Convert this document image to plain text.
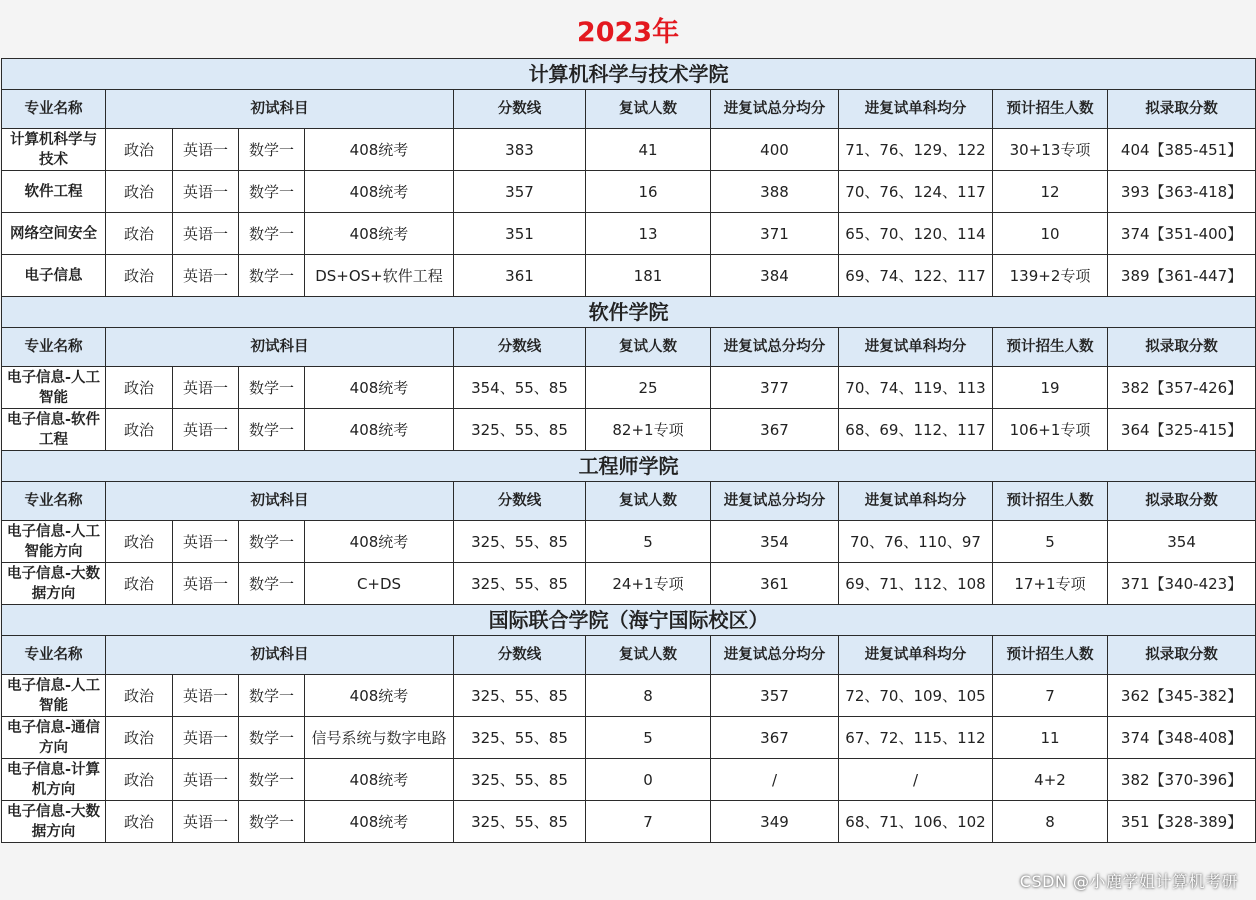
2023年
计算机科学与技术学院										
专业名称	初试科目				分数线	复试人数	进复试总分均分	进复试单科均分	预计招生人数	拟录取分数
计算机科学与技术	政治	英语一	数学一	408统考	383	41	400	71、76、129、122	30+13专项	404【385-451】
软件工程	政治	英语一	数学一	408统考	357	16	388	70、76、124、117	12	393【363-418】
网络空间安全	政治	英语一	数学一	408统考	351	13	371	65、70、120、114	10	374【351-400】
电子信息	政治	英语一	数学一	DS+OS+软件工程	361	181	384	69、74、122、117	139+2专项	389【361-447】
软件学院										
专业名称	初试科目				分数线	复试人数	进复试总分均分	进复试单科均分	预计招生人数	拟录取分数
电子信息-人工智能	政治	英语一	数学一	408统考	354、55、85	25	377	70、74、119、113	19	382【357-426】
电子信息-软件工程	政治	英语一	数学一	408统考	325、55、85	82+1专项	367	68、69、112、117	106+1专项	364【325-415】
工程师学院										
专业名称	初试科目				分数线	复试人数	进复试总分均分	进复试单科均分	预计招生人数	拟录取分数
电子信息-人工智能方向	政治	英语一	数学一	408统考	325、55、85	5	354	70、76、110、97	5	354
电子信息-大数据方向	政治	英语一	数学一	C+DS	325、55、85	24+1专项	361	69、71、112、108	17+1专项	371【340-423】
国际联合学院（海宁国际校区）										
专业名称	初试科目				分数线	复试人数	进复试总分均分	进复试单科均分	预计招生人数	拟录取分数
电子信息-人工智能	政治	英语一	数学一	408统考	325、55、85	8	357	72、70、109、105	7	362【345-382】
电子信息-通信方向	政治	英语一	数学一	信号系统与数字电路	325、55、85	5	367	67、72、115、112	11	374【348-408】
电子信息-计算机方向	政治	英语一	数学一	408统考	325、55、85	0	/	/	4+2	382【370-396】
电子信息-大数据方向	政治	英语一	数学一	408统考	325、55、85	7	349	68、71、106、102	8	351【328-389】
CSDN @小鹿学姐计算机考研
